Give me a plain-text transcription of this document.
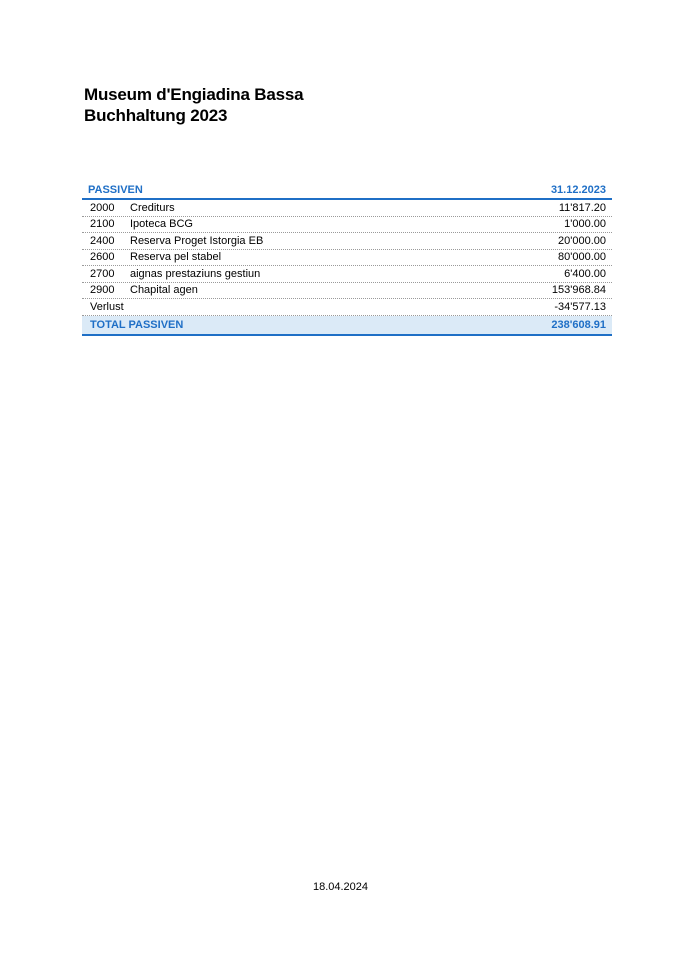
Museum d'Engiadina Bassa
Buchhaltung 2023
PASSIVEN	31.12.2023
2000	Crediturs	11'817.20
2100	Ipoteca BCG	1'000.00
2400	Reserva Proget Istorgia EB	20'000.00
2600	Reserva pel stabel	80'000.00
2700	aignas prestaziuns gestiun	6'400.00
2900	Chapital agen	153'968.84
Verlust	-34'577.13
TOTAL PASSIVEN	238'608.91
18.04.2024
